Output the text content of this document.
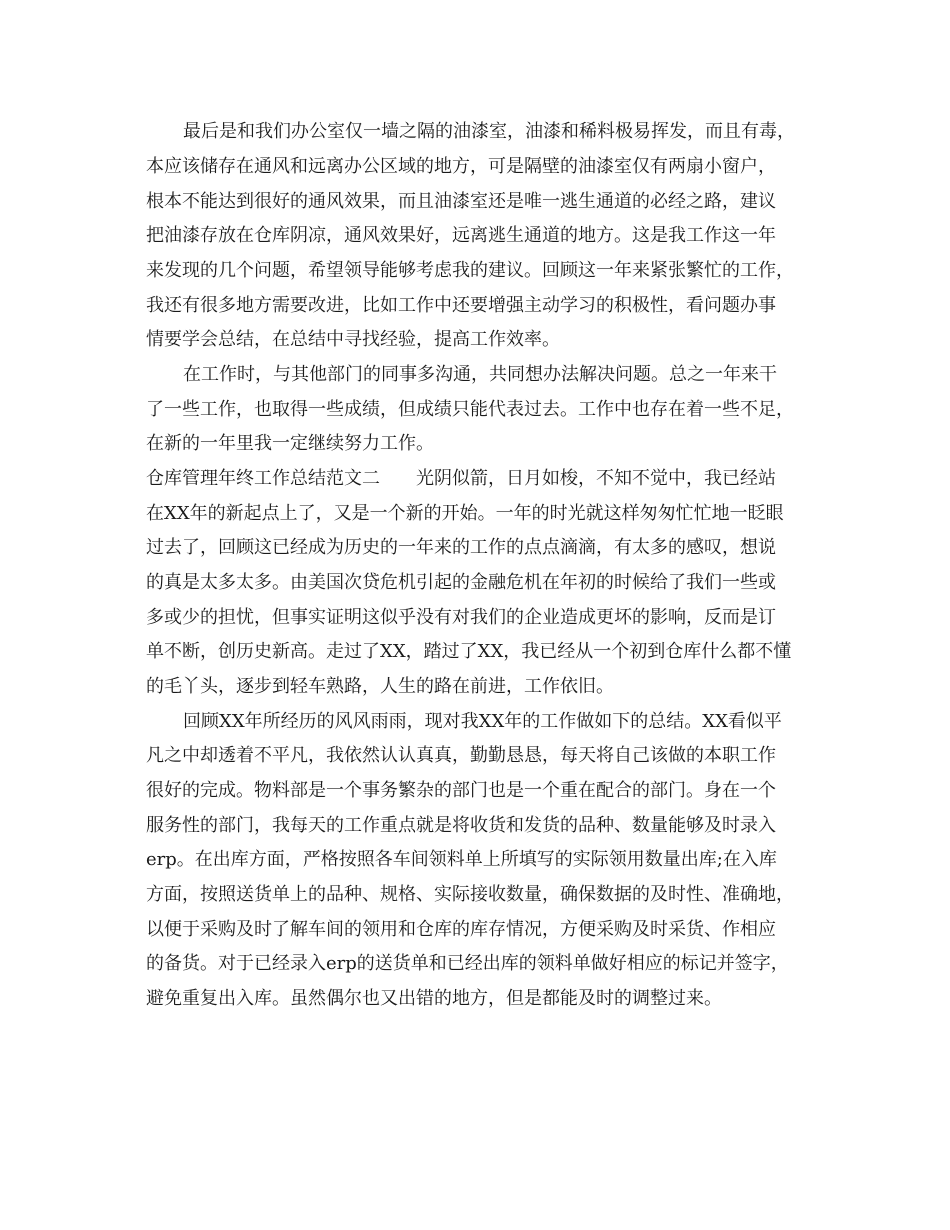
最后是和我们办公室仅一墙之隔的油漆室，油漆和稀料极易挥发，而且有毒，
本应该储存在通风和远离办公区域的地方，可是隔壁的油漆室仅有两扇小窗户，
根本不能达到很好的通风效果，而且油漆室还是唯一逃生通道的必经之路，建议
把油漆存放在仓库阴凉，通风效果好，远离逃生通道的地方。这是我工作这一年
来发现的几个问题，希望领导能够考虑我的建议。回顾这一年来紧张繁忙的工作，
我还有很多地方需要改进，比如工作中还要增强主动学习的积极性，看问题办事
情要学会总结，在总结中寻找经验，提高工作效率。
在工作时，与其他部门的同事多沟通，共同想办法解决问题。总之一年来干
了一些工作，也取得一些成绩，但成绩只能代表过去。工作中也存在着一些不足，
在新的一年里我一定继续努力工作。
仓库管理年终工作总结范文二 光阴似箭，日月如梭，不知不觉中，我已经站
在XX年的新起点上了，又是一个新的开始。一年的时光就这样匆匆忙忙地一眨眼
过去了，回顾这已经成为历史的一年来的工作的点点滴滴，有太多的感叹，想说
的真是太多太多。由美国次贷危机引起的金融危机在年初的时候给了我们一些或
多或少的担忧，但事实证明这似乎没有对我们的企业造成更坏的影响，反而是订
单不断，创历史新高。走过了XX，踏过了XX，我已经从一个初到仓库什么都不懂
的毛丫头，逐步到轻车熟路，人生的路在前进，工作依旧。
回顾XX年所经历的风风雨雨，现对我XX年的工作做如下的总结。XX看似平
凡之中却透着不平凡，我依然认认真真，勤勤恳恳，每天将自己该做的本职工作
很好的完成。物料部是一个事务繁杂的部门也是一个重在配合的部门。身在一个
服务性的部门，我每天的工作重点就是将收货和发货的品种、数量能够及时录入
erp。在出库方面，严格按照各车间领料单上所填写的实际领用数量出库;在入库
方面，按照送货单上的品种、规格、实际接收数量，确保数据的及时性、准确地，
以便于采购及时了解车间的领用和仓库的库存情况，方便采购及时采货、作相应
的备货。对于已经录入erp的送货单和已经出库的领料单做好相应的标记并签字，
避免重复出入库。虽然偶尔也又出错的地方，但是都能及时的调整过来。
